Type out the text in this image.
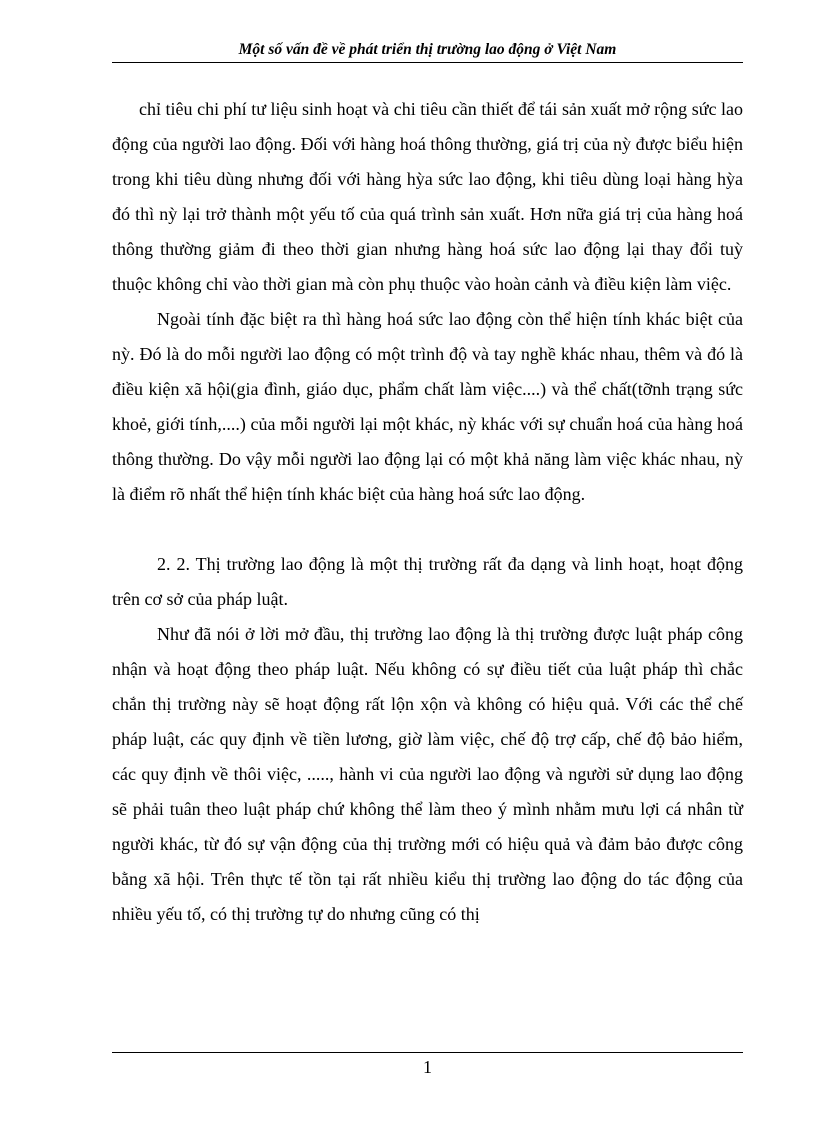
Một số vấn đề về phát triển thị trường lao động ở Việt Nam

chỉ tiêu chi phí tư liệu sinh hoạt và chi tiêu cần thiết để tái sản xuất mở rộng sức lao động của người lao động. Đối với hàng hoá thông thường, giá trị của nỳ được biểu hiện trong khi tiêu dùng nhưng đối với hàng hỳa sức lao động, khi tiêu dùng loại hàng hỳa đó thì nỳ lại trở thành một yếu tố của quá trình sản xuất. Hơn nữa giá trị của hàng hoá thông thường giảm đi theo thời gian nhưng hàng hoá sức lao động lại thay đổi tuỳ thuộc không chỉ vào thời gian mà còn phụ thuộc vào hoàn cảnh và điều kiện làm việc.

Ngoài tính đặc biệt ra thì hàng hoá sức lao động còn thể hiện tính khác biệt của nỳ. Đó là do mỗi người lao động có một trình độ và tay nghề khác nhau, thêm và đó là điều kiện xã hội(gia đình, giáo dục, phẩm chất làm việc....) và thể chất(tỡnh trạng sức khoẻ, giới tính,....) của mỗi người lại một khác, nỳ khác với sự chuẩn hoá của hàng hoá thông thường. Do vậy mỗi người lao động lại có một khả năng làm việc khác nhau, nỳ là điểm rõ nhất thể hiện tính khác biệt của hàng hoá sức lao động.

2. 2. Thị trường lao động là một thị trường rất đa dạng và linh hoạt, hoạt động trên cơ sở của pháp luật.

Như đã nói ở lời mở đầu, thị trường lao động là thị trường được luật pháp công nhận và hoạt động theo pháp luật. Nếu không có sự điều tiết của luật pháp thì chắc chắn thị trường này sẽ hoạt động rất lộn xộn và không có hiệu quả. Với các thể chế pháp luật, các quy định về tiền lương, giờ làm việc, chế độ trợ cấp, chế độ bảo hiểm, các quy định về thôi việc, ....., hành vi của người lao động và người sử dụng lao động sẽ phải tuân theo luật pháp chứ không thể làm theo ý mình nhằm mưu lợi cá nhân từ người khác, từ đó sự vận động của thị trường mới có hiệu quả và đảm bảo được công bằng xã hội. Trên thực tế tồn tại rất nhiều kiểu thị trường lao động do tác động của nhiều yếu tố, có thị trường tự do nhưng cũng có thị

1
